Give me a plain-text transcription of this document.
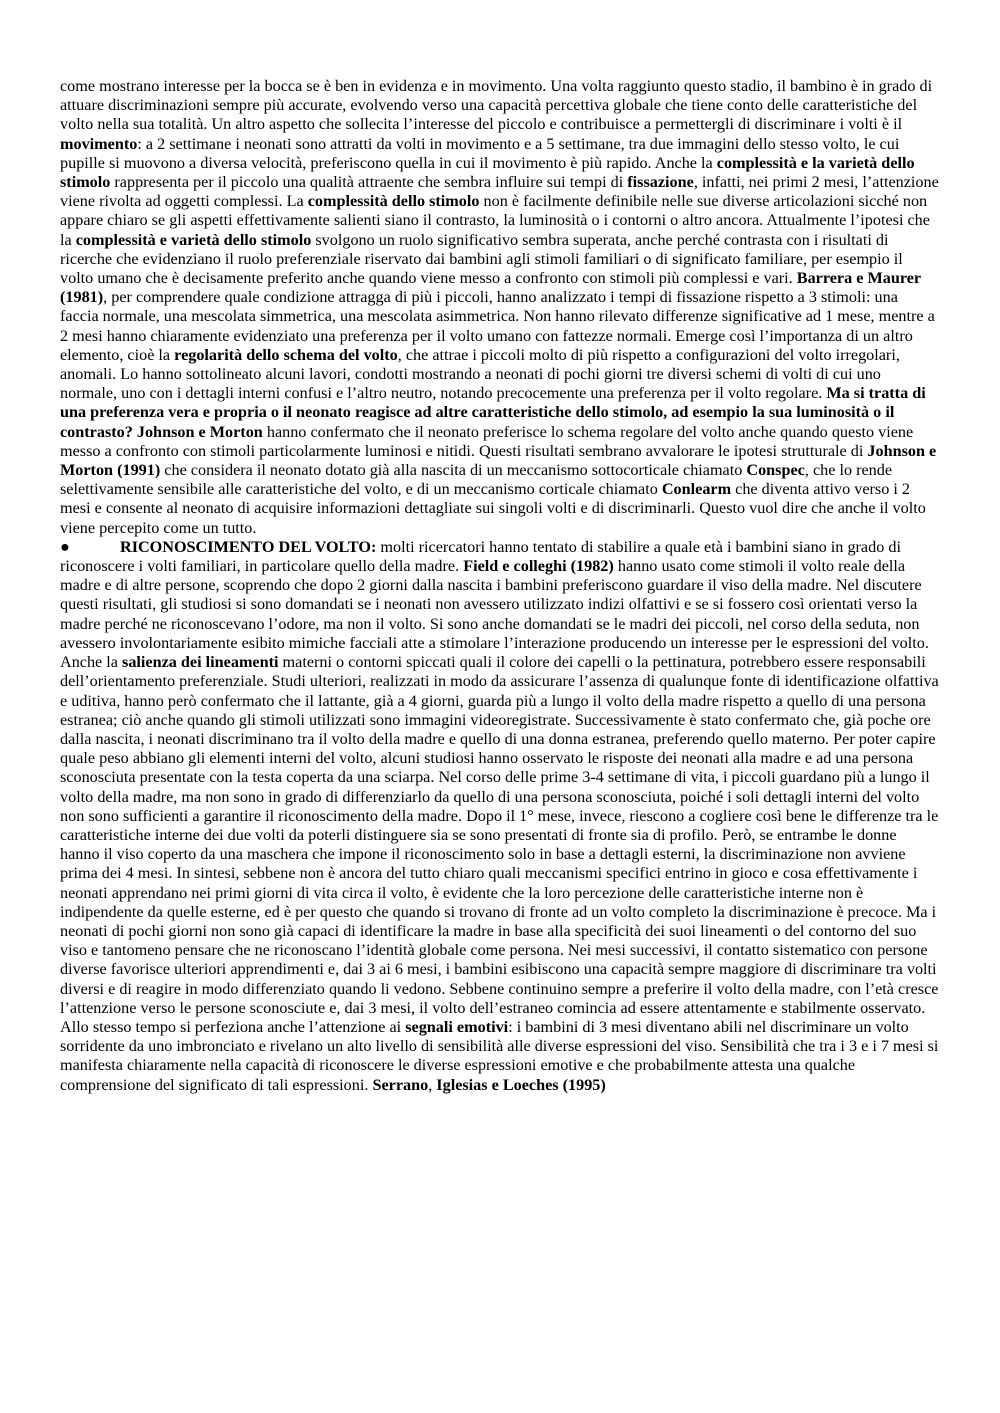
come mostrano interesse per la bocca se è ben in evidenza e in movimento. Una volta raggiunto questo stadio, il bambino è in grado di attuare discriminazioni sempre più accurate, evolvendo verso una capacità percettiva globale che tiene conto delle caratteristiche del volto nella sua totalità. Un altro aspetto che sollecita l’interesse del piccolo e contribuisce a permettergli di discriminare i volti è il movimento: a 2 settimane i neonati sono attratti da volti in movimento e a 5 settimane, tra due immagini dello stesso volto, le cui pupille si muovono a diversa velocità, preferiscono quella in cui il movimento è più rapido. Anche la complessità e la varietà dello stimolo rappresenta per il piccolo una qualità attraente che sembra influire sui tempi di fissazione, infatti, nei primi 2 mesi, l’attenzione viene rivolta ad oggetti complessi. La complessità dello stimolo non è facilmente definibile nelle sue diverse articolazioni sicché non appare chiaro se gli aspetti effettivamente salienti siano il contrasto, la luminosità o i contorni o altro ancora. Attualmente l’ipotesi che la complessità e varietà dello stimolo svolgono un ruolo significativo sembra superata, anche perché contrasta con i risultati di ricerche che evidenziano il ruolo preferenziale riservato dai bambini agli stimoli familiari o di significato familiare, per esempio il volto umano che è decisamente preferito anche quando viene messo a confronto con stimoli più complessi e vari. Barrera e Maurer (1981), per comprendere quale condizione attragga di più i piccoli, hanno analizzato i tempi di fissazione rispetto a 3 stimoli: una faccia normale, una mescolata simmetrica, una mescolata asimmetrica. Non hanno rilevato differenze significative ad 1 mese, mentre a 2 mesi hanno chiaramente evidenziato una preferenza per il volto umano con fattezze normali. Emerge così l’importanza di un altro elemento, cioè la regolarità dello schema del volto, che attrae i piccoli molto di più rispetto a configurazioni del volto irregolari, anomali. Lo hanno sottolineato alcuni lavori, condotti mostrando a neonati di pochi giorni tre diversi schemi di volti di cui uno normale, uno con i dettagli interni confusi e l’altro neutro, notando precocemente una preferenza per il volto regolare. Ma si tratta di una preferenza vera e propria o il neonato reagisce ad altre caratteristiche dello stimolo, ad esempio la sua luminosità o il contrasto? Johnson e Morton hanno confermato che il neonato preferisce lo schema regolare del volto anche quando questo viene messo a confronto con stimoli particolarmente luminosi e nitidi. Questi risultati sembrano avvalorare le ipotesi strutturale di Johnson e Morton (1991) che considera il neonato dotato già alla nascita di un meccanismo sottocorticale chiamato Conspec, che lo rende selettivamente sensibile alle caratteristiche del volto, e di un meccanismo corticale chiamato Conlearm che diventa attivo verso i 2 mesi e consente al neonato di acquisire informazioni dettagliate sui singoli volti e di discriminarli. Questo vuol dire che anche il volto viene percepito come un tutto.

●	RICONOSCIMENTO DEL VOLTO: molti ricercatori hanno tentato di stabilire a quale età i bambini siano in grado di riconoscere i volti familiari, in particolare quello della madre. Field e colleghi (1982) hanno usato come stimoli il volto reale della madre e di altre persone, scoprendo che dopo 2 giorni dalla nascita i bambini preferiscono guardare il viso della madre. Nel discutere questi risultati, gli studiosi si sono domandati se i neonati non avessero utilizzato indizi olfattivi e se si fossero così orientati verso la madre perché ne riconoscevano l’odore, ma non il volto. Si sono anche domandati se le madri dei piccoli, nel corso della seduta, non avessero involontariamente esibito mimiche facciali atte a stimolare l’interazione producendo un interesse per le espressioni del volto. Anche la salienza dei lineamenti materni o contorni spiccati quali il colore dei capelli o la pettinatura, potrebbero essere responsabili dell’orientamento preferenziale. Studi ulteriori, realizzati in modo da assicurare l’assenza di qualunque fonte di identificazione olfattiva e uditiva, hanno però confermato che il lattante, già a 4 giorni, guarda più a lungo il volto della madre rispetto a quello di una persona estranea; ciò anche quando gli stimoli utilizzati sono immagini videoregistrate. Successivamente è stato confermato che, già poche ore dalla nascita, i neonati discriminano tra il volto della madre e quello di una donna estranea, preferendo quello materno. Per poter capire quale peso abbiano gli elementi interni del volto, alcuni studiosi hanno osservato le risposte dei neonati alla madre e ad una persona sconosciuta presentate con la testa coperta da una sciarpa. Nel corso delle prime 3-4 settimane di vita, i piccoli guardano più a lungo il volto della madre, ma non sono in grado di differenziarlo da quello di una persona sconosciuta, poiché i soli dettagli interni del volto non sono sufficienti a garantire il riconoscimento della madre. Dopo il 1° mese, invece, riescono a cogliere così bene le differenze tra le caratteristiche interne dei due volti da poterli distinguere sia se sono presentati di fronte sia di profilo. Però, se entrambe le donne hanno il viso coperto da una maschera che impone il riconoscimento solo in base a dettagli esterni, la discriminazione non avviene prima dei 4 mesi. In sintesi, sebbene non è ancora del tutto chiaro quali meccanismi specifici entrino in gioco e cosa effettivamente i neonati apprendano nei primi giorni di vita circa il volto, è evidente che la loro percezione delle caratteristiche interne non è indipendente da quelle esterne, ed è per questo che quando si trovano di fronte ad un volto completo la discriminazione è precoce. Ma i neonati di pochi giorni non sono già capaci di identificare la madre in base alla specificità dei suoi lineamenti o del contorno del suo viso e tantomeno pensare che ne riconoscano l’identità globale come persona. Nei mesi successivi, il contatto sistematico con persone diverse favorisce ulteriori apprendimenti e, dai 3 ai 6 mesi, i bambini esibiscono una capacità sempre maggiore di discriminare tra volti diversi e di reagire in modo differenziato quando li vedono. Sebbene continuino sempre a preferire il volto della madre, con l’età cresce l’attenzione verso le persone sconosciute e, dai 3 mesi, il volto dell’estraneo comincia ad essere attentamente e stabilmente osservato. Allo stesso tempo si perfeziona anche l’attenzione ai segnali emotivi: i bambini di 3 mesi diventano abili nel discriminare un volto sorridente da uno imbronciato e rivelano un alto livello di sensibilità alle diverse espressioni del viso. Sensibilità che tra i 3 e i 7 mesi si manifesta chiaramente nella capacità di riconoscere le diverse espressioni emotive e che probabilmente attesta una qualche comprensione del significato di tali espressioni. Serrano, Iglesias e Loeches (1995)
